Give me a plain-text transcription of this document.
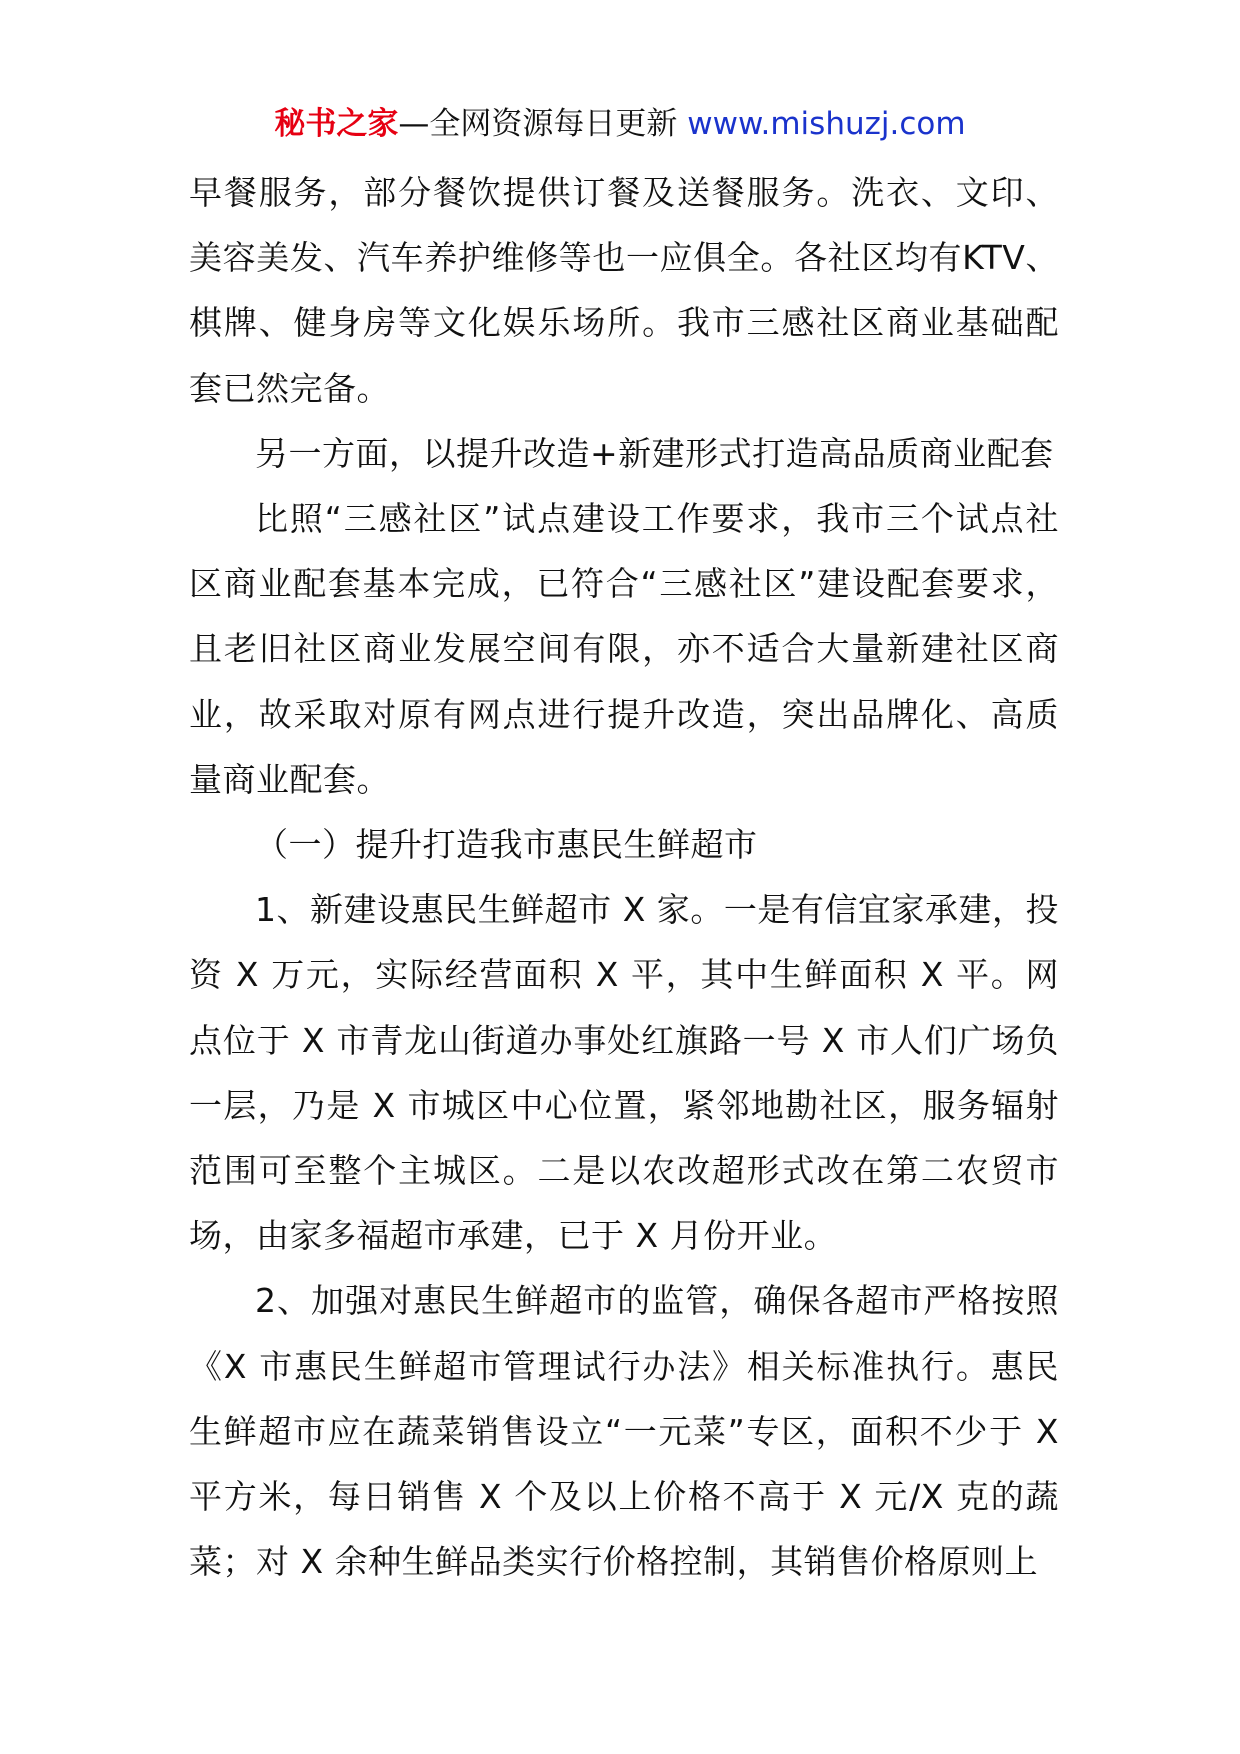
秘书之家—全网资源每日更新 www.mishuzj.com

早餐服务，部分餐饮提供订餐及送餐服务。洗衣、文印、美容美发、汽车养护维修等也一应俱全。各社区均有KTV、棋牌、健身房等文化娱乐场所。我市三感社区商业基础配套已然完备。

另一方面，以提升改造+新建形式打造高品质商业配套

比照“三感社区”试点建设工作要求，我市三个试点社区商业配套基本完成，已符合“三感社区”建设配套要求，且老旧社区商业发展空间有限，亦不适合大量新建社区商业，故采取对原有网点进行提升改造，突出品牌化、高质量商业配套。

（一）提升打造我市惠民生鲜超市

1、新建设惠民生鲜超市 X 家。一是有信宜家承建，投资 X 万元，实际经营面积 X 平，其中生鲜面积 X 平。网点位于 X 市青龙山街道办事处红旗路一号 X 市人们广场负一层，乃是 X 市城区中心位置，紧邻地勘社区，服务辐射范围可至整个主城区。二是以农改超形式改在第二农贸市场，由家多福超市承建，已于 X 月份开业。

2、加强对惠民生鲜超市的监管，确保各超市严格按照《X 市惠民生鲜超市管理试行办法》相关标准执行。惠民生鲜超市应在蔬菜销售设立“一元菜”专区，面积不少于 X 平方米，每日销售 X 个及以上价格不高于 X 元/X 克的蔬菜；对 X 余种生鲜品类实行价格控制，其销售价格原则上
